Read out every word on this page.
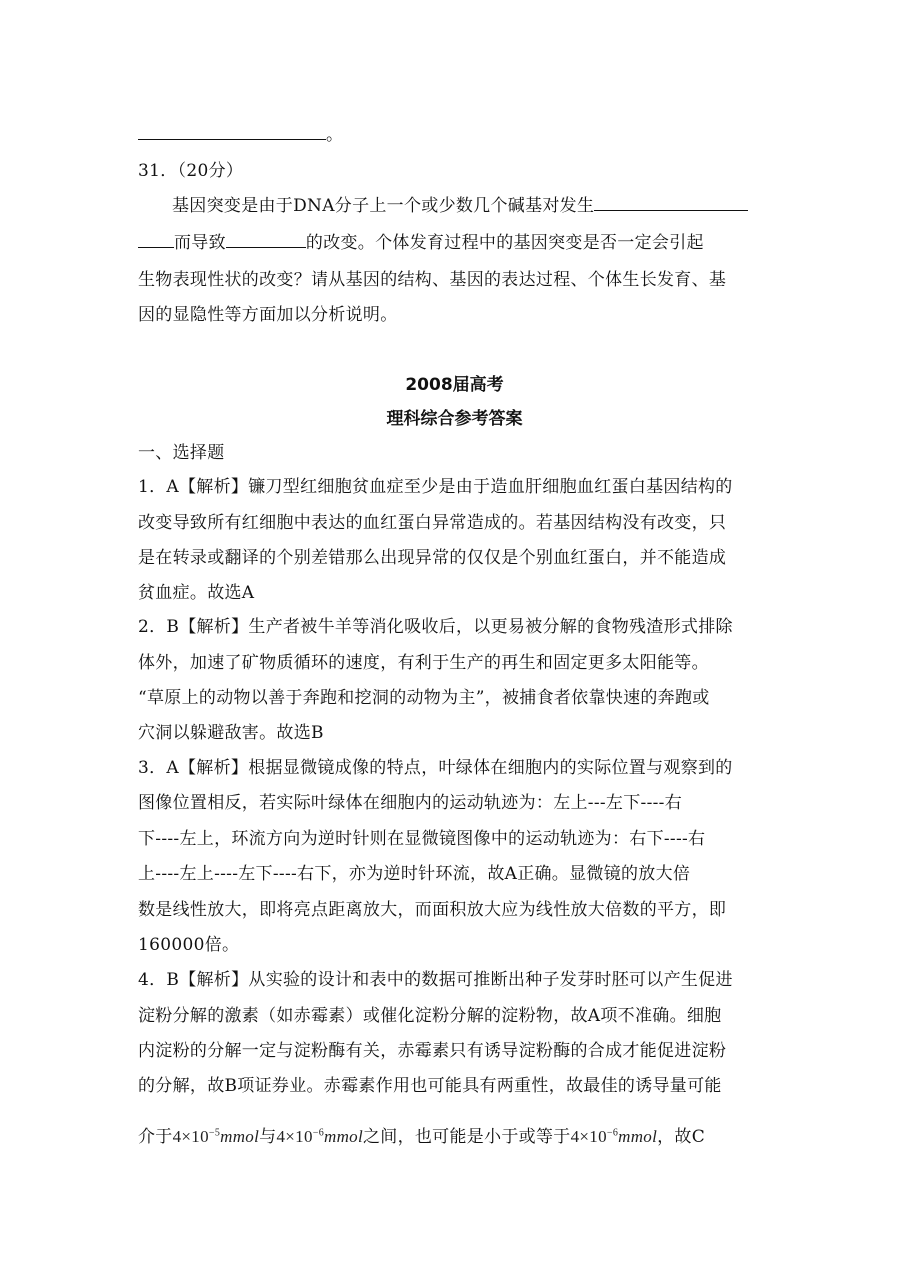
。
31．（20分）
基因突变是由于DNA分子上一个或少数几个碱基对发生
而导致	的改变。个体发育过程中的基因突变是否一定会引起
生物表现性状的改变？请从基因的结构、基因的表达过程、个体生长发育、基
因的显隐性等方面加以分析说明。
2008届高考
理科综合参考答案
一、选择题
1．A【解析】镰刀型红细胞贫血症至少是由于造血肝细胞血红蛋白基因结构的
改变导致所有红细胞中表达的血红蛋白异常造成的。若基因结构没有改变，只
是在转录或翻译的个别差错那么出现异常的仅仅是个别血红蛋白，并不能造成
贫血症。故选A
2．B【解析】生产者被牛羊等消化吸收后，以更易被分解的食物残渣形式排除
体外，加速了矿物质循环的速度，有利于生产的再生和固定更多太阳能等。
“草原上的动物以善于奔跑和挖洞的动物为主”，被捕食者依靠快速的奔跑或
穴洞以躲避敌害。故选B
3．A【解析】根据显微镜成像的特点，叶绿体在细胞内的实际位置与观察到的
图像位置相反，若实际叶绿体在细胞内的运动轨迹为：左上---左下----右
下----左上，环流方向为逆时针则在显微镜图像中的运动轨迹为：右下----右
上----左上----左下----右下，亦为逆时针环流，故A正确。显微镜的放大倍
数是线性放大，即将亮点距离放大，而面积放大应为线性放大倍数的平方，即
160000倍。
4．B【解析】从实验的设计和表中的数据可推断出种子发芽时胚可以产生促进
淀粉分解的激素（如赤霉素）或催化淀粉分解的淀粉物，故A项不准确。细胞
内淀粉的分解一定与淀粉酶有关，赤霉素只有诱导淀粉酶的合成才能促进淀粉
的分解，故B项证券业。赤霉素作用也可能具有两重性，故最佳的诱导量可能
介于$4\times 10^{-5}mmol$与$4\times 10^{-6}mmol$之间，也可能是小于或等于$4\times 10^{-6}mmol$，故C
